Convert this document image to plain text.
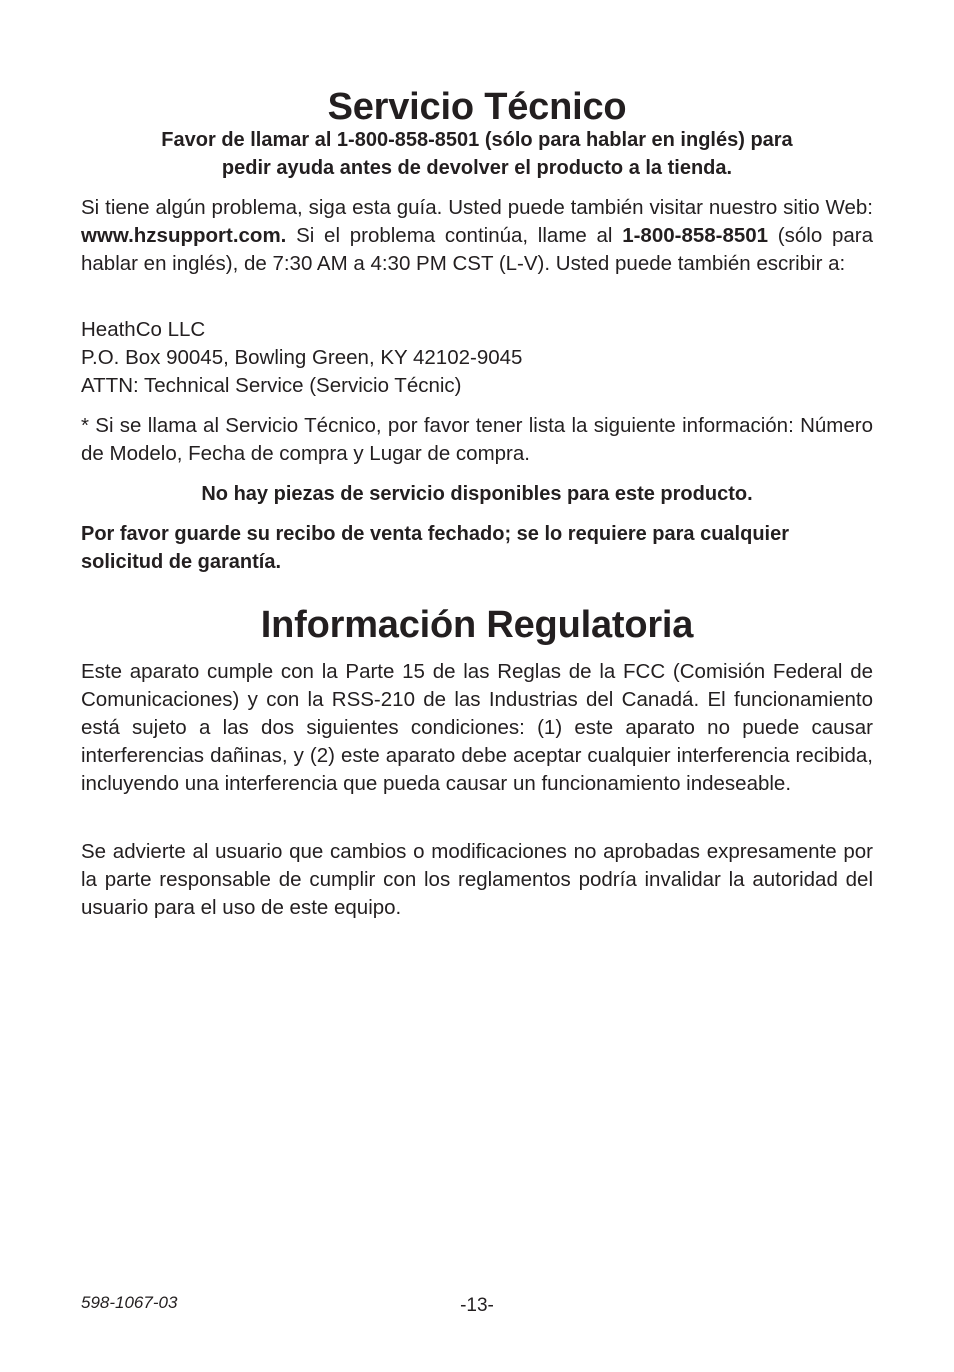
Servicio Técnico
Favor de llamar al 1-800-858-8501 (sólo para hablar en inglés) para
pedir ayuda antes de devolver el producto a la tienda.

Si tiene algún problema, siga esta guía. Usted puede también visitar nuestro sitio Web: www.hzsupport.com. Si el problema continúa, llame al 1-800-858-8501 (sólo para hablar en inglés), de 7:30 AM a 4:30 PM CST (L-V). Usted puede también escribir a:

HeathCo LLC
P.O. Box 90045, Bowling Green, KY 42102-9045
ATTN: Technical Service (Servicio Técnic)

* Si se llama al Servicio Técnico, por favor tener lista la siguiente información: Número de Modelo, Fecha de compra y Lugar de compra.

No hay piezas de servicio disponibles para este producto.

Por favor guarde su recibo de venta fechado; se lo requiere para cualquier solicitud de garantía.

Información Regulatoria

Este aparato cumple con la Parte 15 de las Reglas de la FCC (Comisión Federal de Comunicaciones) y con la RSS-210 de las Industrias del Canadá. El funcionamiento está sujeto a las dos siguientes condiciones: (1) este aparato no puede causar interferencias dañinas, y (2) este aparato debe aceptar cualquier interferencia recibida, incluyendo una interferencia que pueda causar un funcionamiento indeseable.

Se advierte al usuario que cambios o modificaciones no aprobadas expresamente por la parte responsable de cumplir con los reglamentos podría invalidar la autoridad del usuario para el uso de este equipo.

598-1067-03	-13-
